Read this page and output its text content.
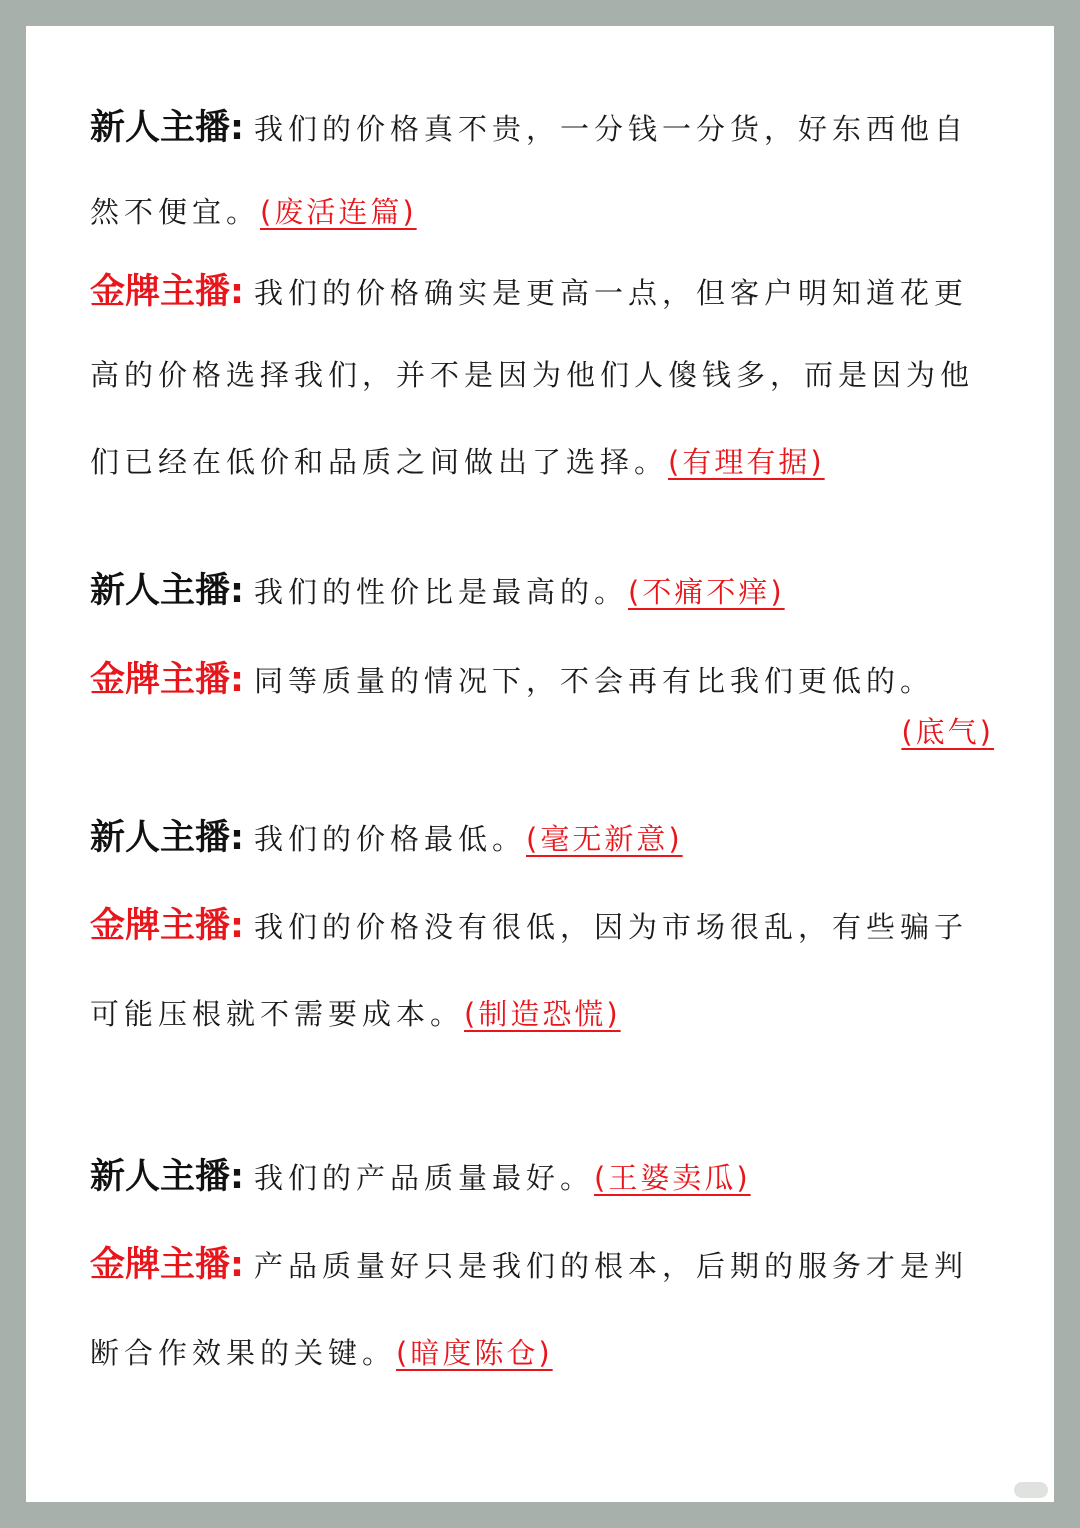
新人主播: 我们的价格真不贵，一分钱一分货，好东西他自
然不便宜。(废活连篇)
金牌主播: 我们的价格确实是更高一点，但客户明知道花更
高的价格选择我们，并不是因为他们人傻钱多，而是因为他
们已经在低价和品质之间做出了选择。(有理有据)
新人主播: 我们的性价比是最高的。(不痛不痒)
金牌主播: 同等质量的情况下，不会再有比我们更低的。
(底气)
新人主播: 我们的价格最低。(毫无新意)
金牌主播: 我们的价格没有很低，因为市场很乱，有些骗子
可能压根就不需要成本。(制造恐慌)
新人主播: 我们的产品质量最好。(王婆卖瓜)
金牌主播: 产品质量好只是我们的根本，后期的服务才是判
断合作效果的关键。(暗度陈仓)
